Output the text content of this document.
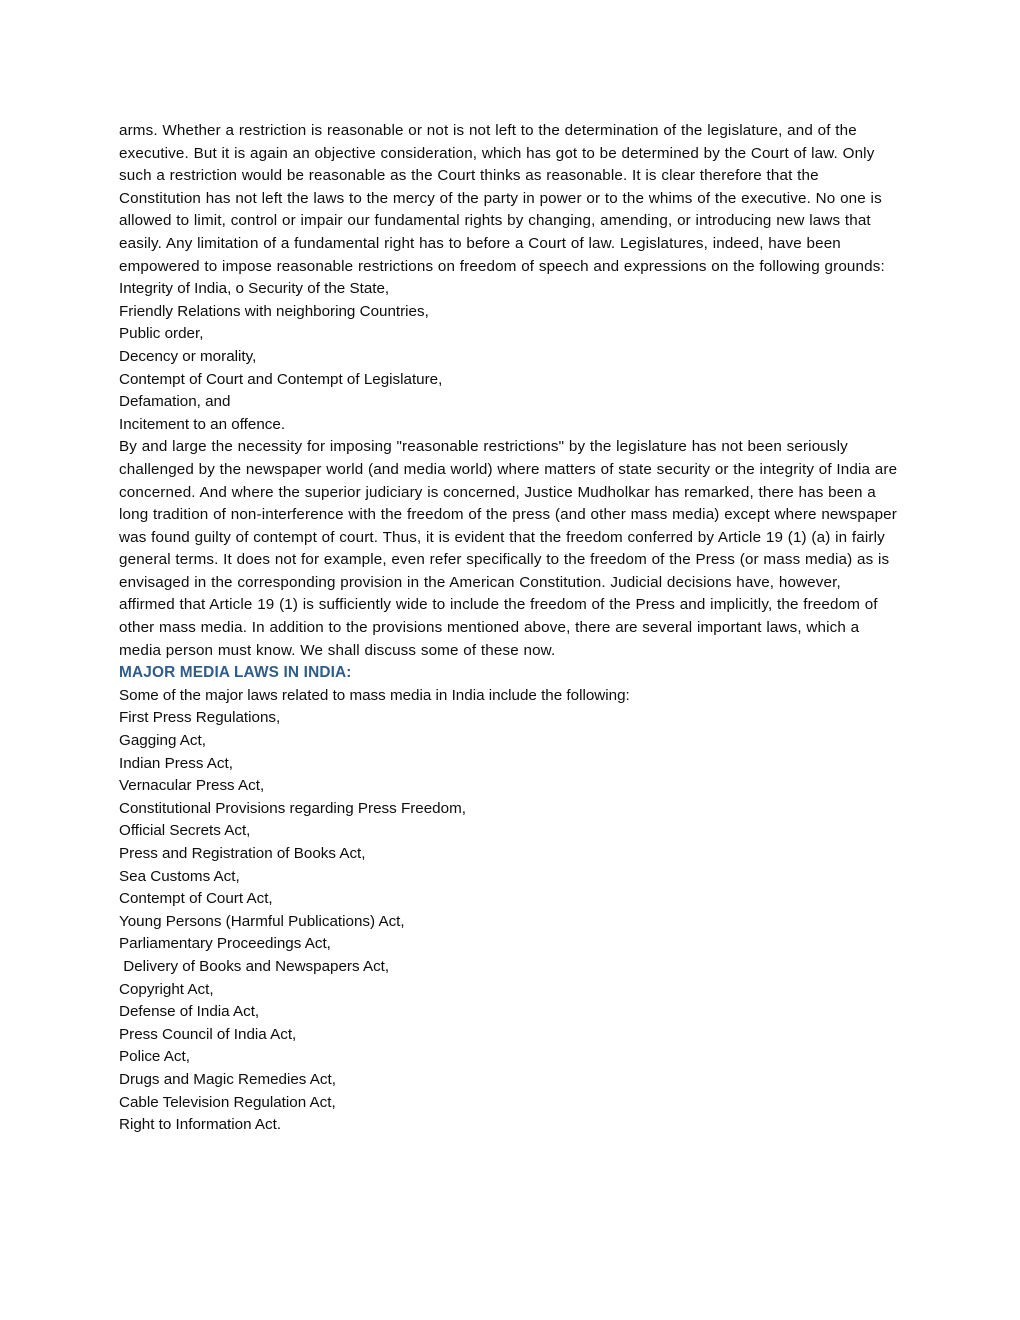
arms. Whether a restriction is reasonable or not is not left to the determination of the legislature, and of the executive. But it is again an objective consideration, which has got to be determined by the Court of law. Only such a restriction would be reasonable as the Court thinks as reasonable. It is clear therefore that the Constitution has not left the laws to the mercy of the party in power or to the whims of the executive. No one is allowed to limit, control or impair our fundamental rights by changing, amending, or introducing new laws that easily. Any limitation of a fundamental right has to before a Court of law. Legislatures, indeed, have been empowered to impose reasonable restrictions on freedom of speech and expressions on the following grounds:

Integrity of India, o Security of the State,
Friendly Relations with neighboring Countries,
Public order,
Decency or morality,
Contempt of Court and Contempt of Legislature,
Defamation, and
Incitement to an offence.

By and large the necessity for imposing "reasonable restrictions" by the legislature has not been seriously challenged by the newspaper world (and media world) where matters of state security or the integrity of India are concerned. And where the superior judiciary is concerned, Justice Mudholkar has remarked, there has been a long tradition of non-interference with the freedom of the press (and other mass media) except where newspaper was found guilty of contempt of court. Thus, it is evident that the freedom conferred by Article 19 (1) (a) in fairly general terms. It does not for example, even refer specifically to the freedom of the Press (or mass media) as is envisaged in the corresponding provision in the American Constitution. Judicial decisions have, however, affirmed that Article 19 (1) is sufficiently wide to include the freedom of the Press and implicitly, the freedom of other mass media. In addition to the provisions mentioned above, there are several important laws, which a media person must know. We shall discuss some of these now.

MAJOR MEDIA LAWS IN INDIA:

Some of the major laws related to mass media in India include the following:

First Press Regulations,
Gagging Act,
Indian Press Act,
Vernacular Press Act,
Constitutional Provisions regarding Press Freedom,
Official Secrets Act,
Press and Registration of Books Act,
Sea Customs Act,
Contempt of Court Act,
Young Persons (Harmful Publications) Act,
Parliamentary Proceedings Act,
Delivery of Books and Newspapers Act,
Copyright Act,
Defense of India Act,
Press Council of India Act,
Police Act,
Drugs and Magic Remedies Act,
Cable Television Regulation Act,
Right to Information Act.
